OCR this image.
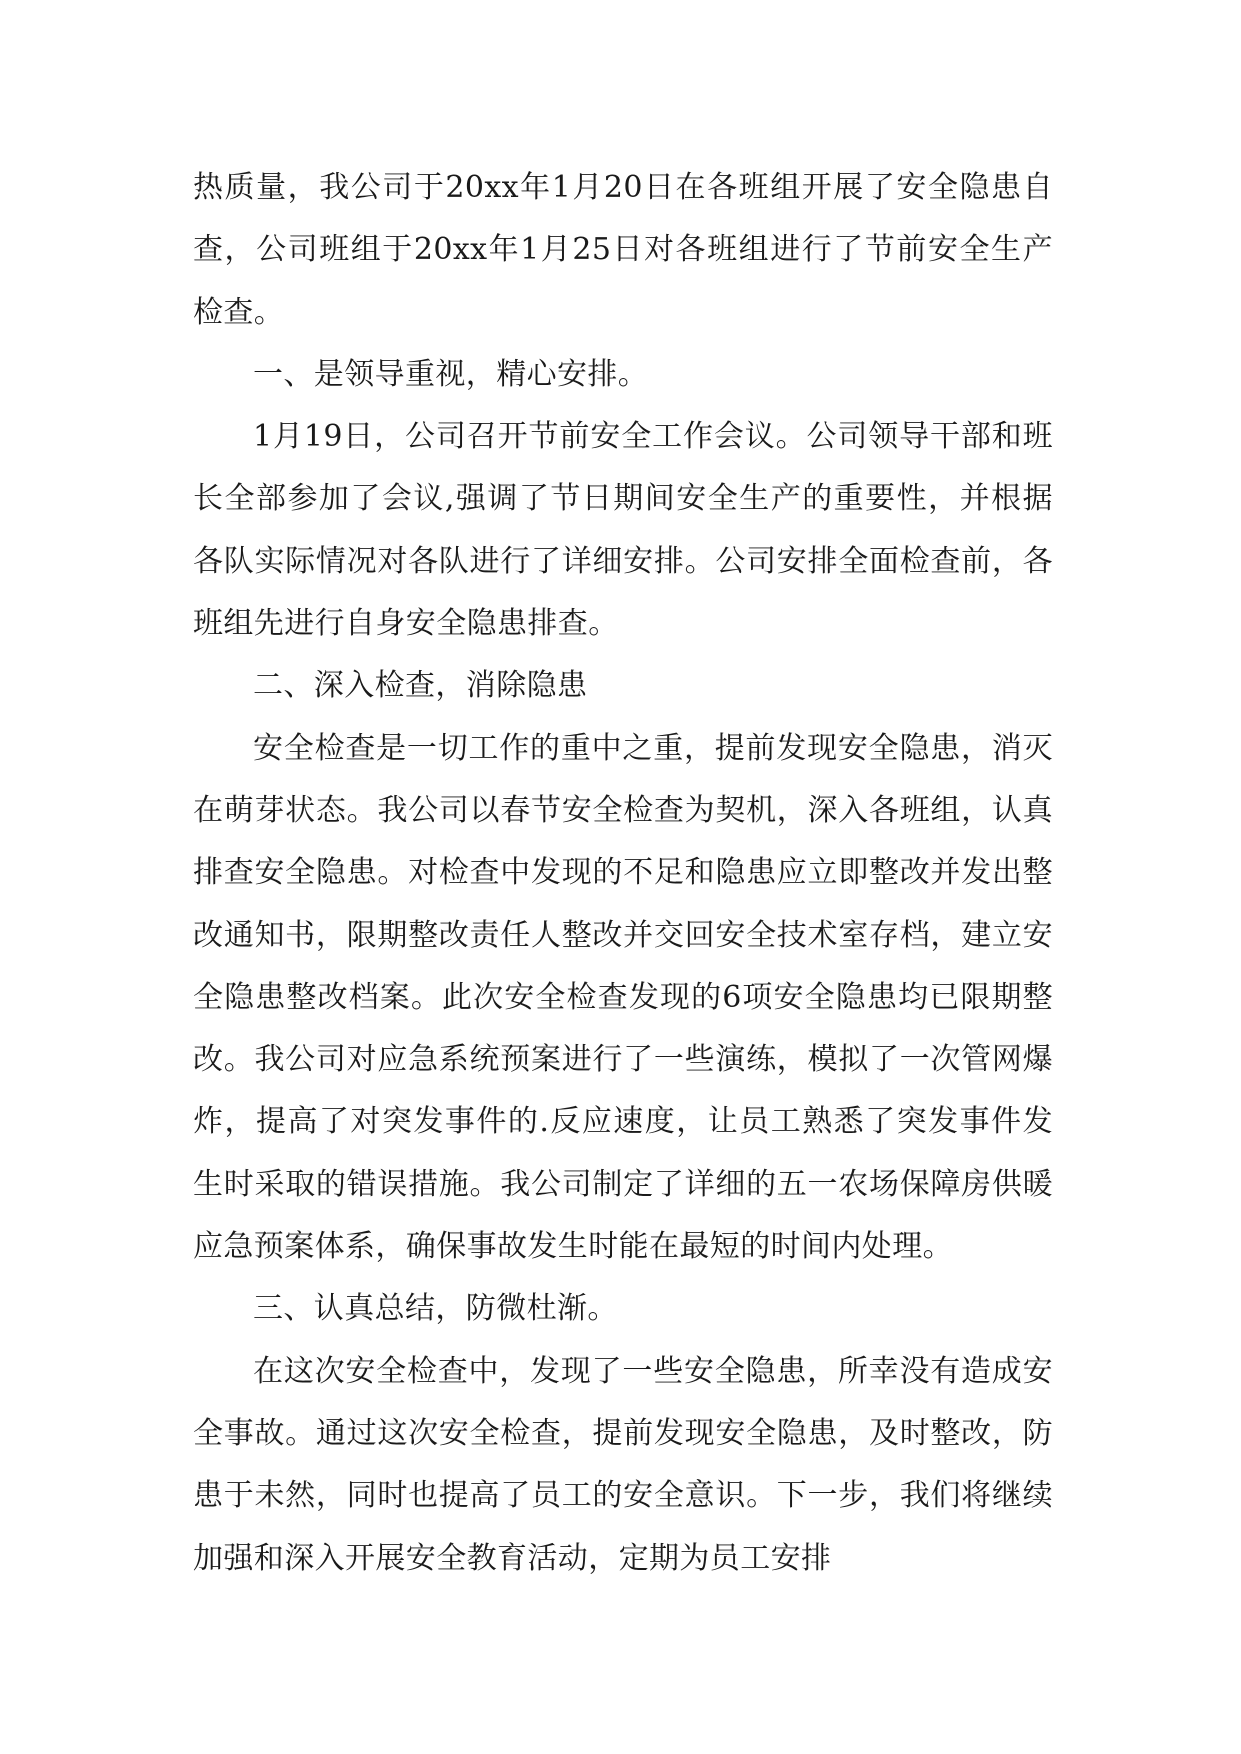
热质量，我公司于20xx年1月20日在各班组开展了安全隐患自查，公司班组于20xx年1月25日对各班组进行了节前安全生产检查。

一、是领导重视，精心安排。

1月19日，公司召开节前安全工作会议。公司领导干部和班长全部参加了会议,强调了节日期间安全生产的重要性，并根据各队实际情况对各队进行了详细安排。公司安排全面检查前，各班组先进行自身安全隐患排查。

二、深入检查，消除隐患

安全检查是一切工作的重中之重，提前发现安全隐患，消灭在萌芽状态。我公司以春节安全检查为契机，深入各班组，认真排查安全隐患。对检查中发现的不足和隐患应立即整改并发出整改通知书，限期整改责任人整改并交回安全技术室存档，建立安全隐患整改档案。此次安全检查发现的6项安全隐患均已限期整改。我公司对应急系统预案进行了一些演练，模拟了一次管网爆炸，提高了对突发事件的.反应速度，让员工熟悉了突发事件发生时采取的错误措施。我公司制定了详细的五一农场保障房供暖应急预案体系，确保事故发生时能在最短的时间内处理。

三、认真总结，防微杜渐。

在这次安全检查中，发现了一些安全隐患，所幸没有造成安全事故。通过这次安全检查，提前发现安全隐患，及时整改，防患于未然，同时也提高了员工的安全意识。下一步，我们将继续加强和深入开展安全教育活动，定期为员工安排
